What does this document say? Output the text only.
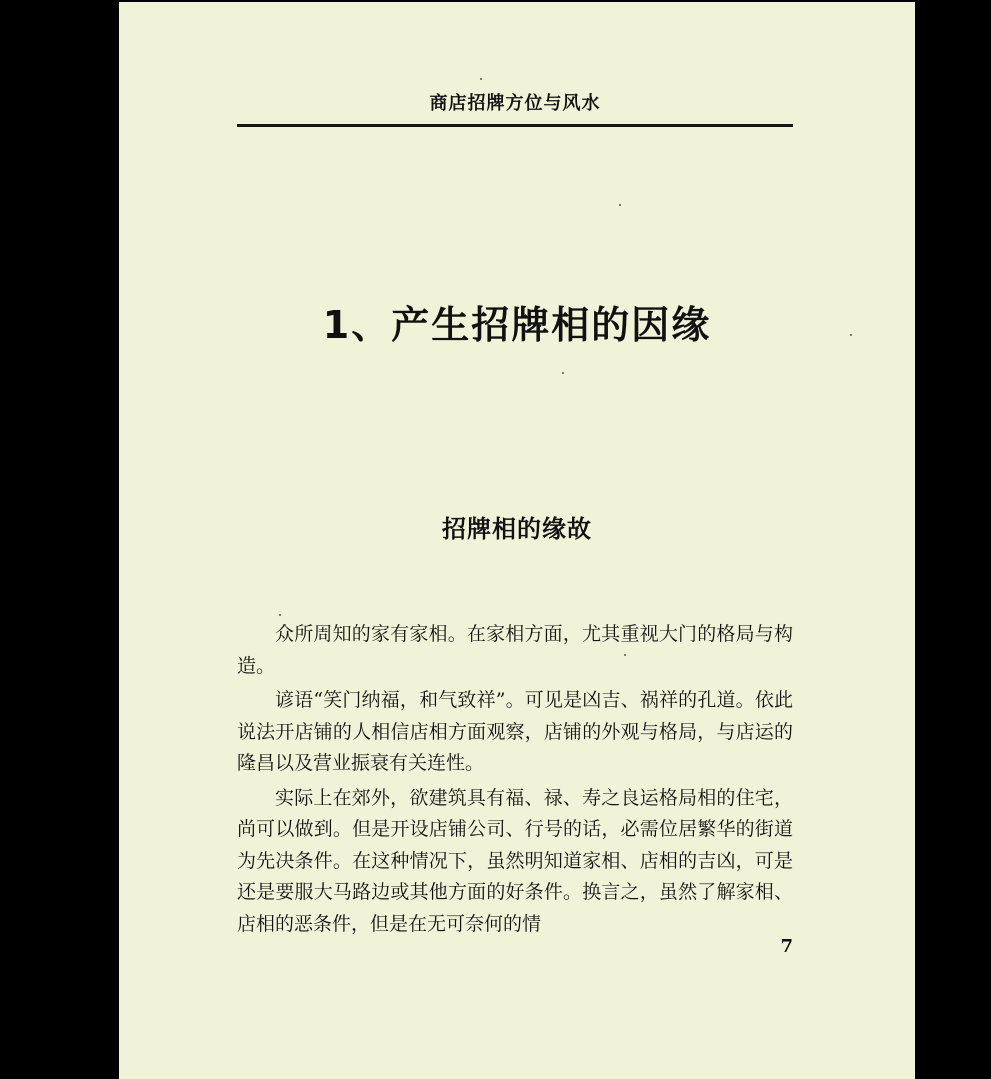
商店招牌方位与风水
1、产生招牌相的因缘
招牌相的缘故

众所周知的家有家相。在家相方面，尤其重视大门的格局与构造。

谚语“笑门纳福，和气致祥”。可见是凶吉、祸祥的孔道。依此说法开店铺的人相信店相方面观察，店铺的外观与格局，与店运的隆昌以及营业振衰有关连性。

实际上在郊外，欲建筑具有福、禄、寿之良运格局相的住宅，尚可以做到。但是开设店铺公司、行号的话，必需位居繁华的街道为先决条件。在这种情况下，虽然明知道家相、店相的吉凶，可是还是要服大马路边或其他方面的好条件。换言之，虽然了解家相、店相的恶条件，但是在无可奈何的情

7
